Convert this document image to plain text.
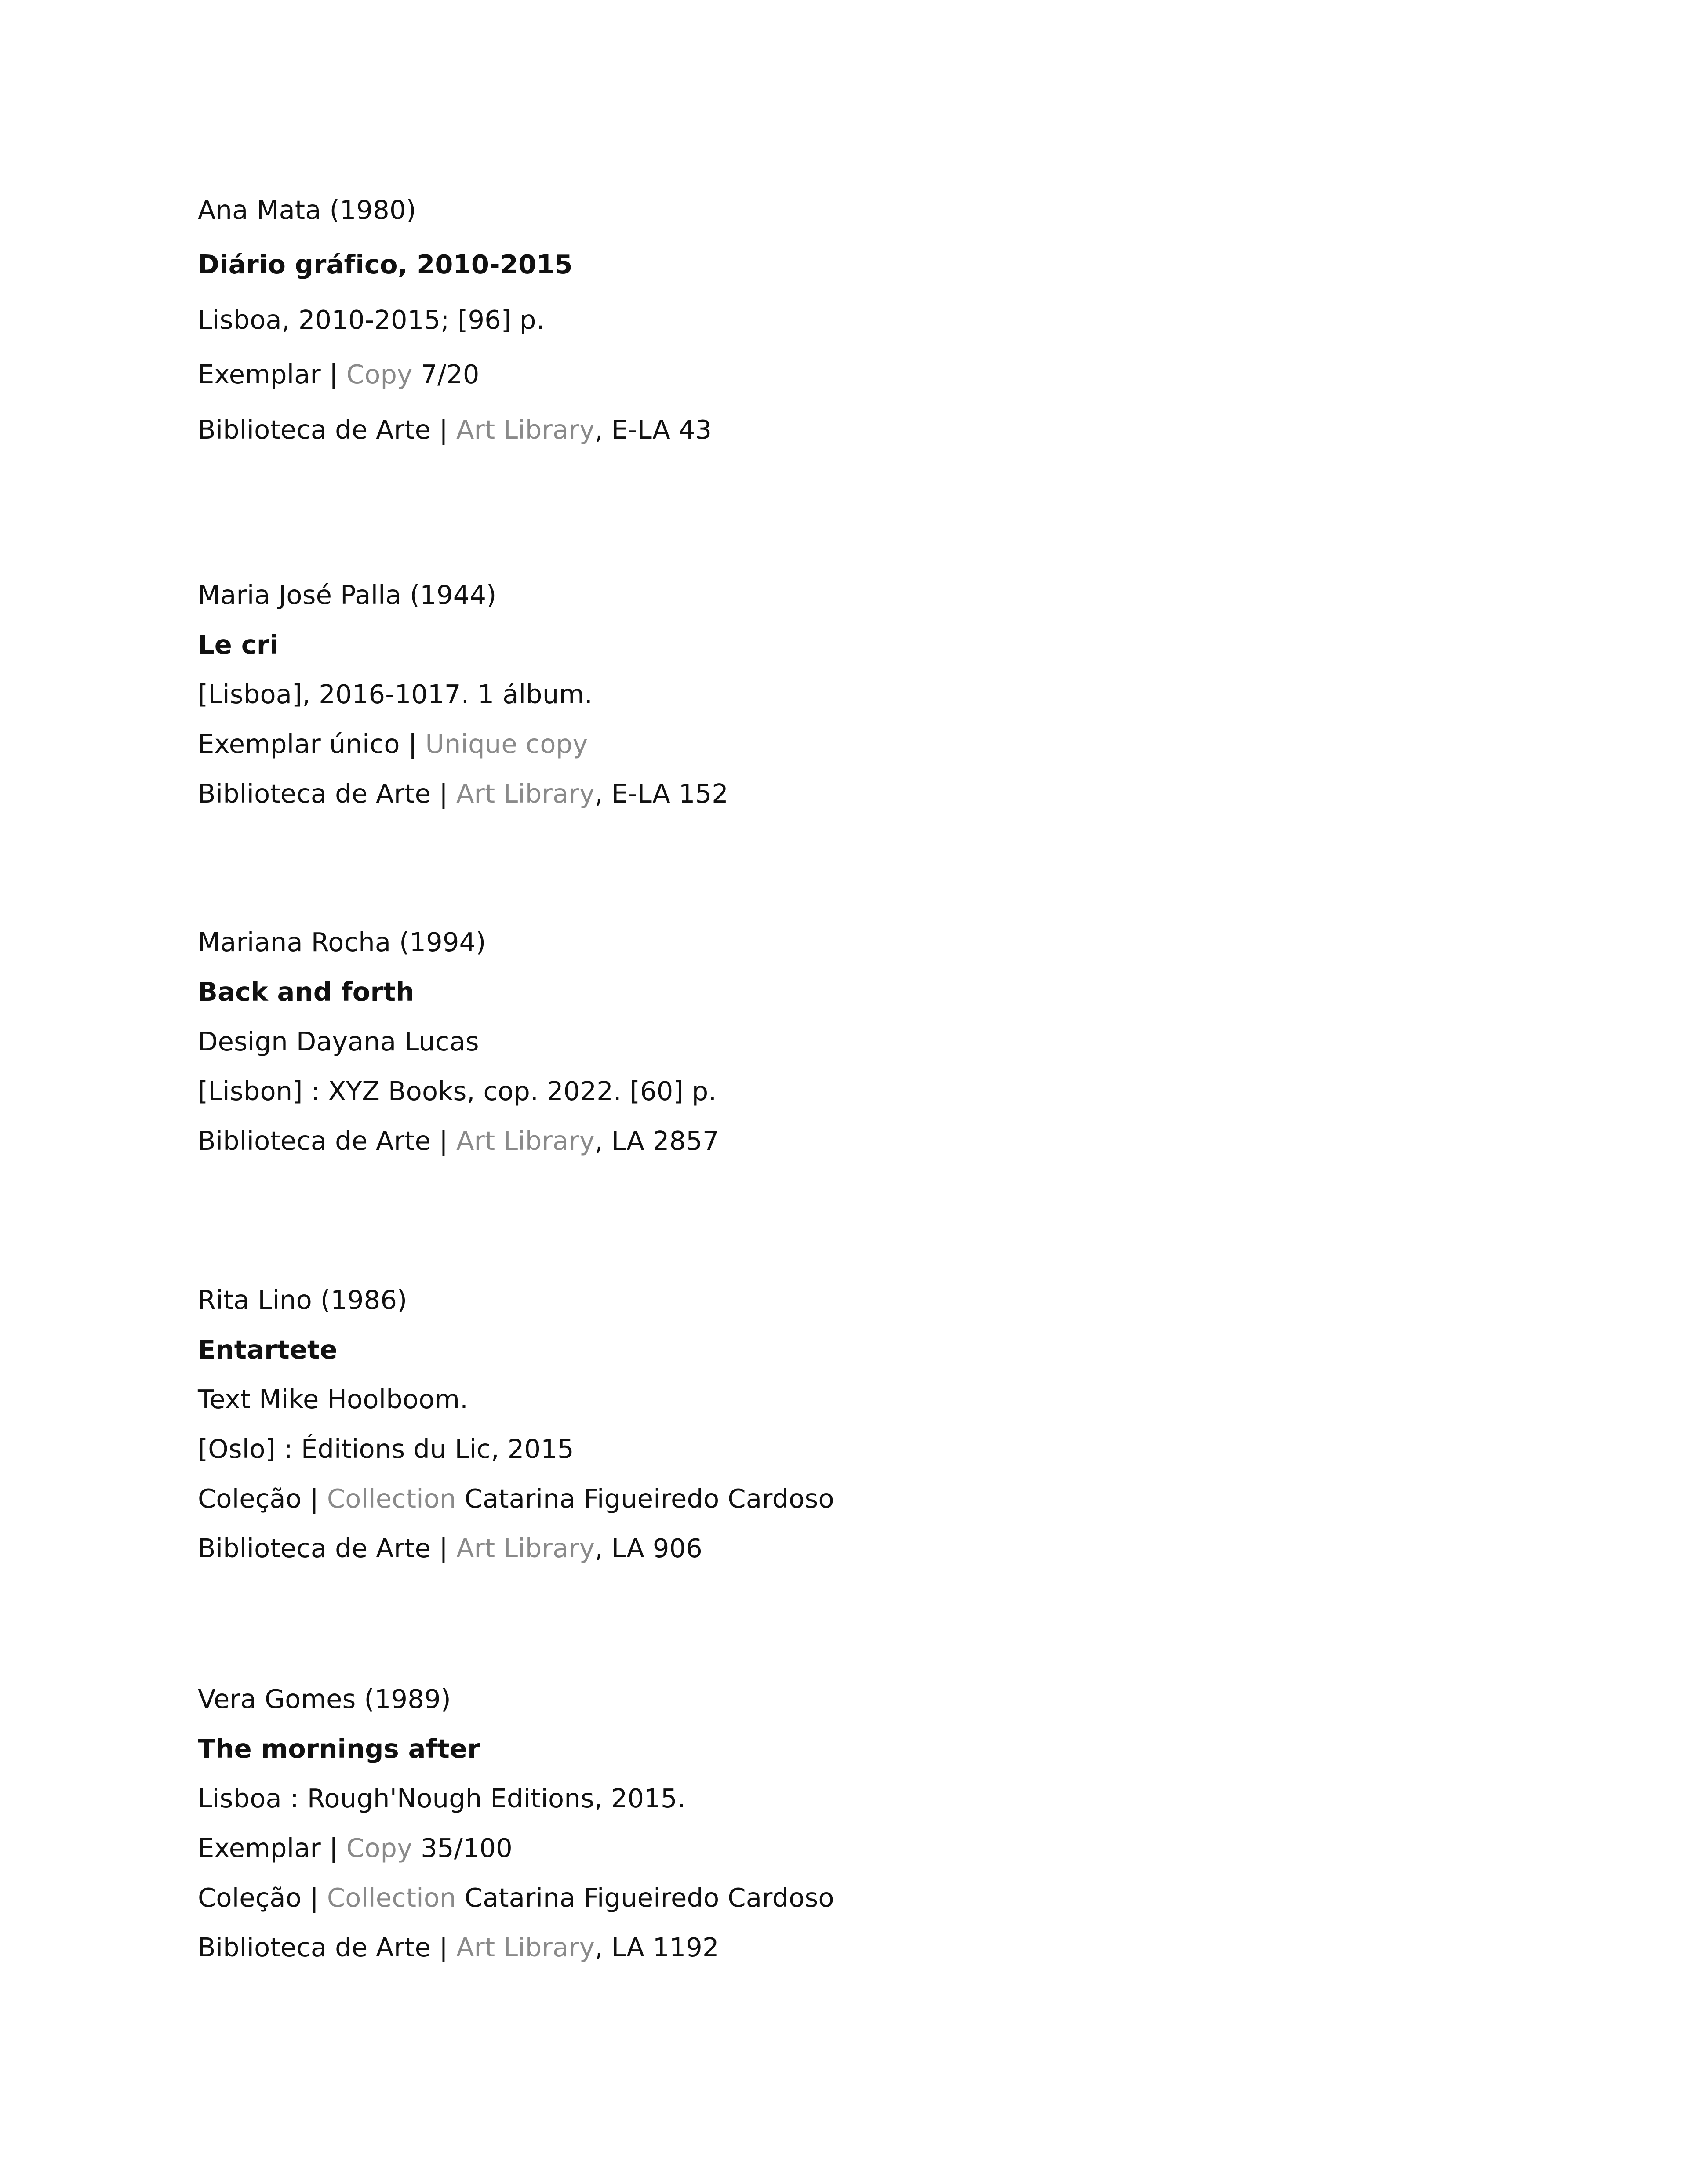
Ana Mata (1980)
Diário gráfico, 2010-2015
Lisboa, 2010-2015; [96] p.
Exemplar | Copy 7/20
Biblioteca de Arte | Art Library, E-LA 43
Maria José Palla (1944)
Le cri
[Lisboa], 2016-1017. 1 álbum.
Exemplar único | Unique copy
Biblioteca de Arte | Art Library, E-LA 152
Mariana Rocha (1994)
Back and forth
Design Dayana Lucas
[Lisbon] : XYZ Books, cop. 2022. [60] p.
Biblioteca de Arte | Art Library, LA 2857
Rita Lino (1986)
Entartete
Text Mike Hoolboom.
[Oslo] : Éditions du Lic, 2015
Coleção | Collection Catarina Figueiredo Cardoso
Biblioteca de Arte | Art Library, LA 906
Vera Gomes (1989)
The mornings after
Lisboa : Rough'Nough Editions, 2015.
Exemplar | Copy 35/100
Coleção | Collection Catarina Figueiredo Cardoso
Biblioteca de Arte | Art Library, LA 1192
